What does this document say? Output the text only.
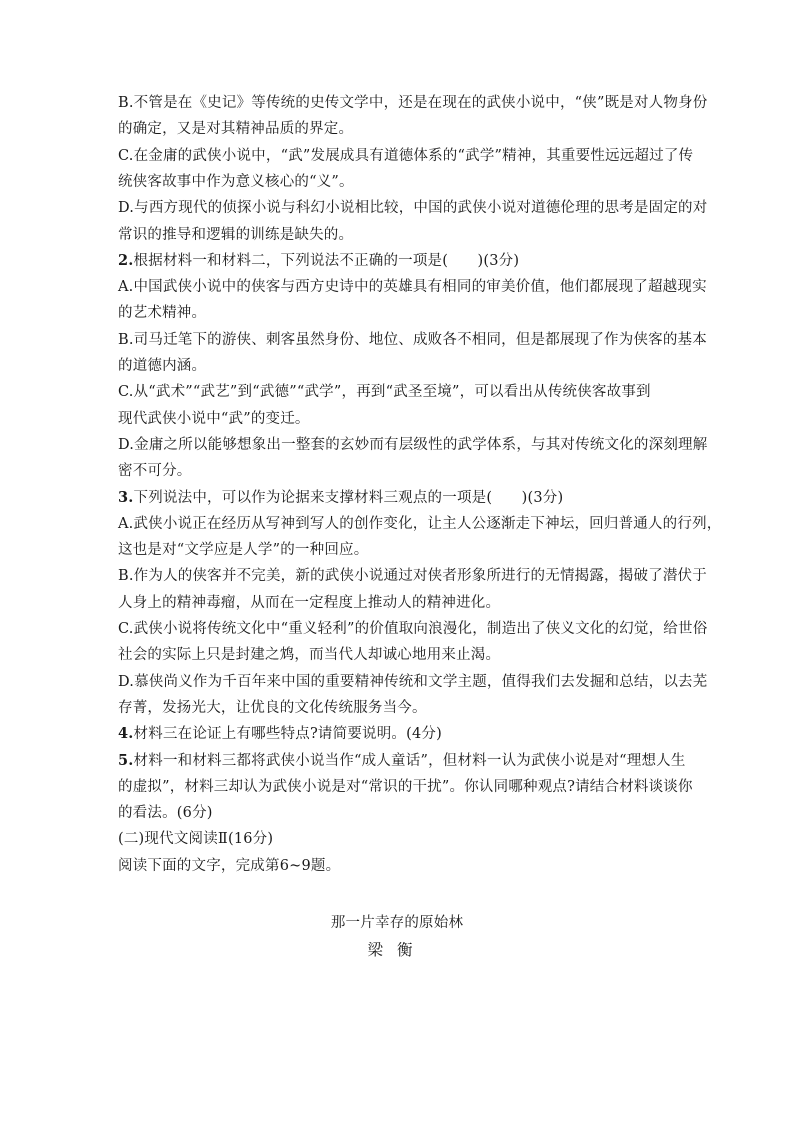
B.不管是在《史记》等传统的史传文学中，还是在现在的武侠小说中，“侠”既是对人物身份
的确定，又是对其精神品质的界定。
C.在金庸的武侠小说中，“武”发展成具有道德体系的“武学”精神，其重要性远远超过了传
统侠客故事中作为意义核心的“义”。
D.与西方现代的侦探小说与科幻小说相比较，中国的武侠小说对道德伦理的思考是固定的对
常识的推导和逻辑的训练是缺失的。
2.根据材料一和材料二，下列说法不正确的一项是(　　)(3分)
A.中国武侠小说中的侠客与西方史诗中的英雄具有相同的审美价值，他们都展现了超越现实
的艺术精神。
B.司马迁笔下的游侠、刺客虽然身份、地位、成败各不相同，但是都展现了作为侠客的基本
的道德内涵。
C.从“武术”“武艺”到“武德”“武学”，再到“武圣至境”，可以看出从传统侠客故事到
现代武侠小说中“武”的变迁。
D.金庸之所以能够想象出一整套的玄妙而有层级性的武学体系，与其对传统文化的深刻理解
密不可分。
3.下列说法中，可以作为论据来支撑材料三观点的一项是(　　)(3分)
A.武侠小说正在经历从写神到写人的创作变化，让主人公逐渐走下神坛，回归普通人的行列，
这也是对“文学应是人学”的一种回应。
B.作为人的侠客并不完美，新的武侠小说通过对侠者形象所进行的无情揭露，揭破了潜伏于
人身上的精神毒瘤，从而在一定程度上推动人的精神进化。
C.武侠小说将传统文化中“重义轻利”的价值取向浪漫化，制造出了侠义文化的幻觉，给世俗
社会的实际上只是封建之鸩，而当代人却诚心地用来止渴。
D.慕侠尚义作为千百年来中国的重要精神传统和文学主题，值得我们去发掘和总结，以去芜
存菁，发扬光大，让优良的文化传统服务当今。
4.材料三在论证上有哪些特点?请简要说明。(4分)
5.材料一和材料三都将武侠小说当作“成人童话”，但材料一认为武侠小说是对“理想人生
的虚拟”，材料三却认为武侠小说是对“常识的干扰”。你认同哪种观点?请结合材料谈谈你
的看法。(6分)
(二)现代文阅读Ⅱ(16分)
阅读下面的文字，完成第6~9题。
那一片幸存的原始林
梁衡
